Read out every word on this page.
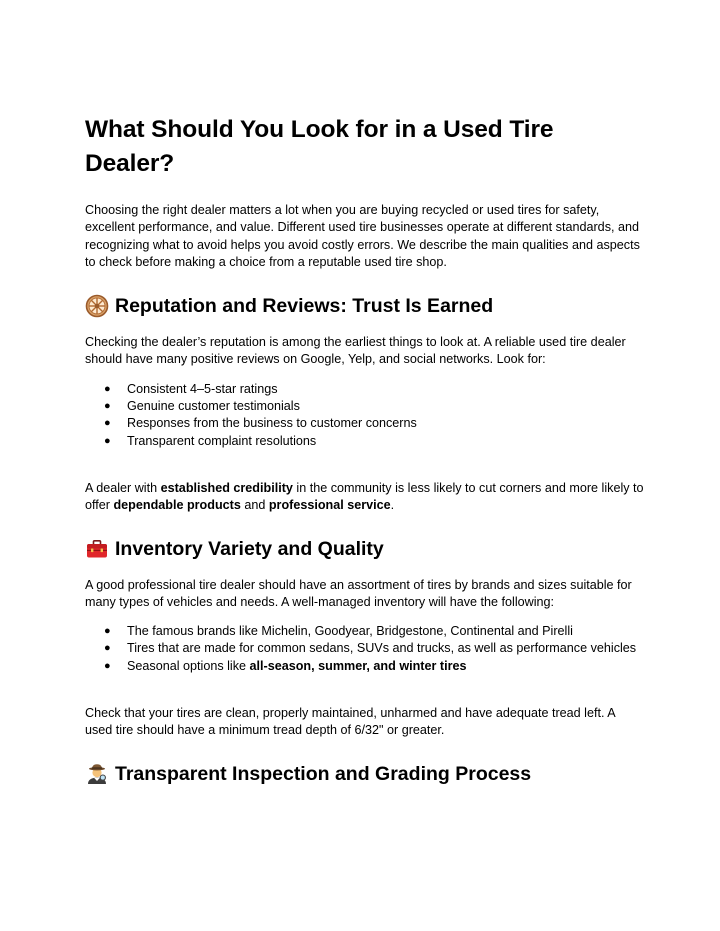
What Should You Look for in a Used Tire Dealer?

Choosing the right dealer matters a lot when you are buying recycled or used tires for safety, excellent performance, and value. Different used tire businesses operate at different standards, and recognizing what to avoid helps you avoid costly errors. We describe the main qualities and aspects to check before making a choice from a reputable used tire shop.

Reputation and Reviews: Trust Is Earned

Checking the dealer’s reputation is among the earliest things to look at. A reliable used tire dealer should have many positive reviews on Google, Yelp, and social networks. Look for:

● Consistent 4–5-star ratings
● Genuine customer testimonials
● Responses from the business to customer concerns
● Transparent complaint resolutions

A dealer with established credibility in the community is less likely to cut corners and more likely to offer dependable products and professional service.

Inventory Variety and Quality

A good professional tire dealer should have an assortment of tires by brands and sizes suitable for many types of vehicles and needs. A well-managed inventory will have the following:

● The famous brands like Michelin, Goodyear, Bridgestone, Continental and Pirelli
● Tires that are made for common sedans, SUVs and trucks, as well as performance vehicles
● Seasonal options like all-season, summer, and winter tires

Check that your tires are clean, properly maintained, unharmed and have adequate tread left. A used tire should have a minimum tread depth of 6/32" or greater.

Transparent Inspection and Grading Process
